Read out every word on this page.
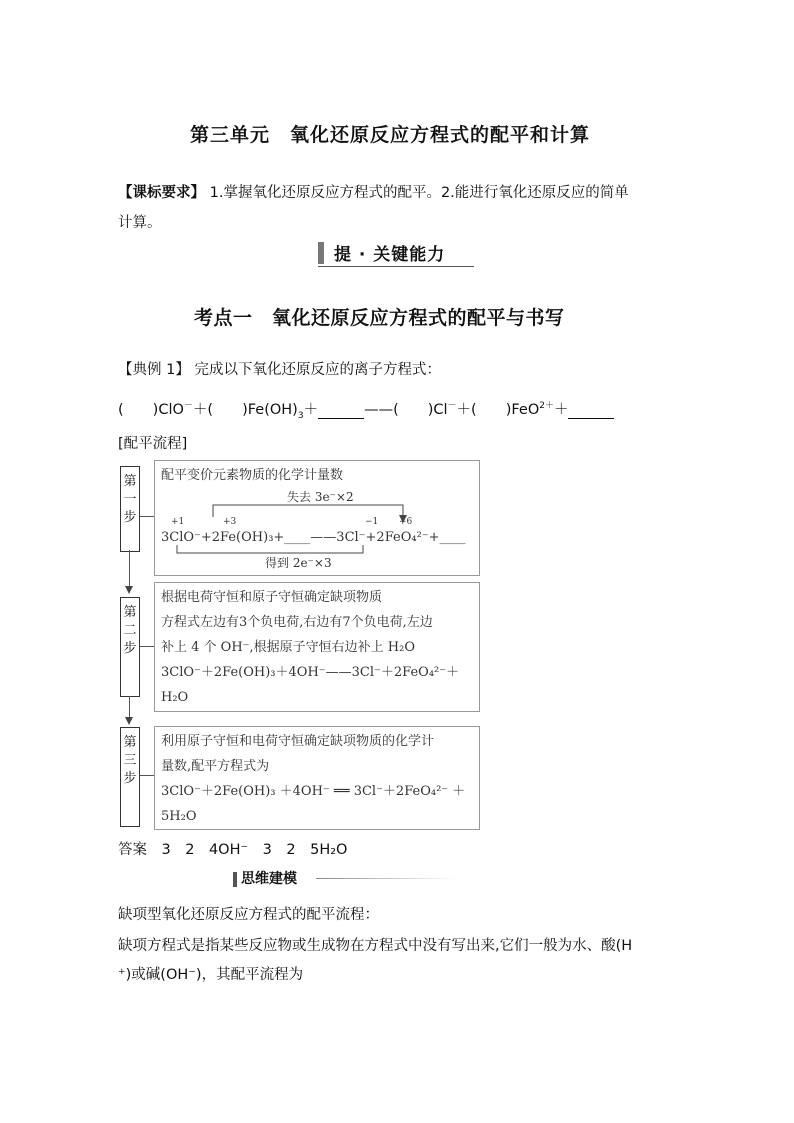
第三单元　氧化还原反应方程式的配平和计算
【课标要求】 1.掌握氧化还原反应方程式的配平。2.能进行氧化还原反应的简单
计算。
提 · 关键能力
考点一　氧化还原反应方程式的配平与书写
【典例 1】 完成以下氧化还原反应的离子方程式：
(　　)ClO－＋(　　)$Fe(OH)_3+$	——(　　)Cl－＋(　　)FeO$^{2+}$＋
[配平流程]
第一步
第二步
第三步
配平变价元素物质的化学计量数
失去 3e⁻×2
+1	+3	−1 +6
3ClO⁻+2Fe(OH)₃+____——3Cl⁻+2FeO₄²⁻+____
得到 2e⁻×3
根据电荷守恒和原子守恒确定缺项物质
方程式左边有3个负电荷,右边有7个负电荷,左边
补上 4 个 OH⁻,根据原子守恒右边补上 H₂O
3ClO⁻＋2Fe(OH)₃＋4OH⁻——3Cl⁻＋2FeO₄²⁻＋
H₂O
利用原子守恒和电荷守恒确定缺项物质的化学计
量数,配平方程式为
3ClO⁻＋2Fe(OH)₃ ＋4OH⁻ ══ 3Cl⁻＋2FeO₄²⁻ ＋
5H₂O
答案　3　2　4OH⁻　3　2　5H₂O
思维建模
缺项型氧化还原反应方程式的配平流程：
缺项方程式是指某些反应物或生成物在方程式中没有写出来,它们一般为水、酸(H
⁺)或碱(OH⁻)，其配平流程为
